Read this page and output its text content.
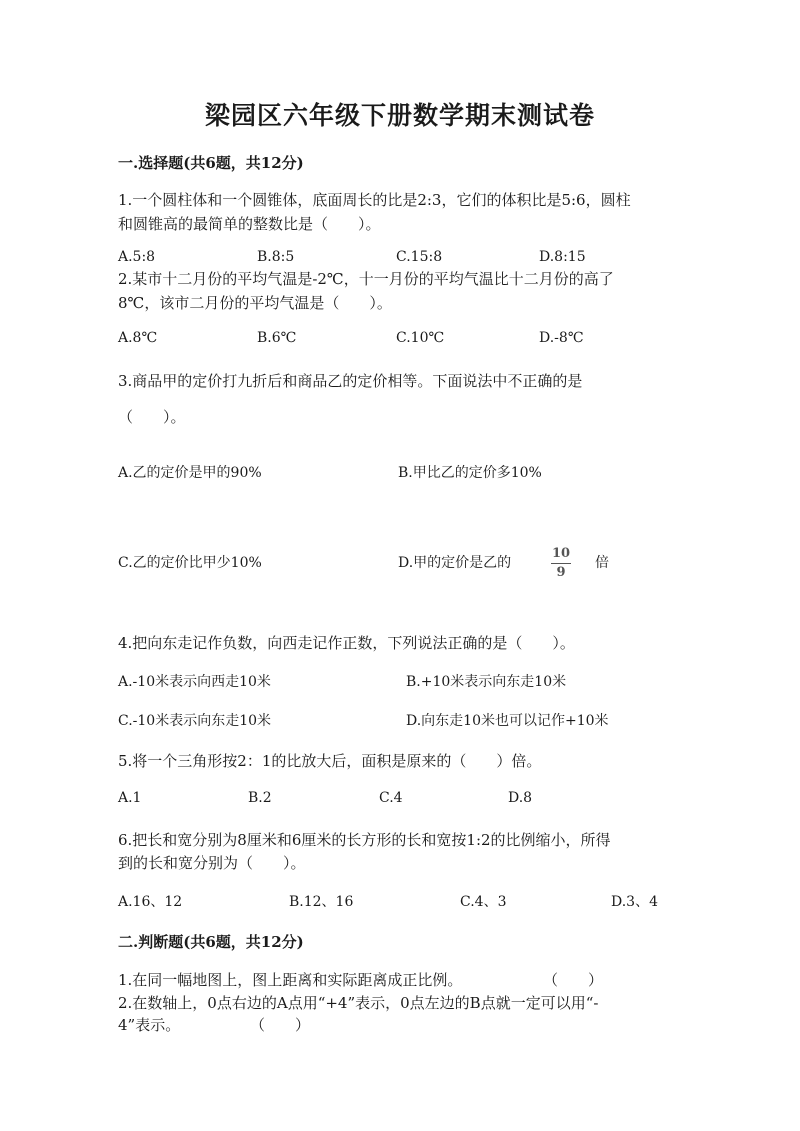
梁园区六年级下册数学期末测试卷
一.选择题(共6题，共12分)
1.一个圆柱体和一个圆锥体，底面周长的比是2:3，它们的体积比是5:6，圆柱
和圆锥高的最简单的整数比是（　　）。
A.5:8	B.8:5	C.15:8	D.8:15
2.某市十二月份的平均气温是-2℃，十一月份的平均气温比十二月份的高了
8℃，该市二月份的平均气温是（　　）。
A.8℃	B.6℃	C.10℃	D.-8℃
3.商品甲的定价打九折后和商品乙的定价相等。下面说法中不正确的是
（　　）。
A.乙的定价是甲的90%	B.甲比乙的定价多10%
C.乙的定价比甲少10%	D.甲的定价是乙的
10
9
倍
4.把向东走记作负数，向西走记作正数，下列说法正确的是（　　）。
A.-10米表示向西走10米	B.+10米表示向东走10米
C.-10米表示向东走10米	D.向东走10米也可以记作+10米
5.将一个三角形按2：1的比放大后，面积是原来的（　　）倍。
A.1	B.2	C.4	D.8
6.把长和宽分别为8厘米和6厘米的长方形的长和宽按1:2的比例缩小，所得
到的长和宽分别为（　　）。
A.16、12	B.12、16	C.4、3	D.3、4
二.判断题(共6题，共12分)
1.在同一幅地图上，图上距离和实际距离成正比例。	（　　）
2.在数轴上，0点右边的A点用“+4”表示，0点左边的B点就一定可以用“-
4”表示。	（　　）
